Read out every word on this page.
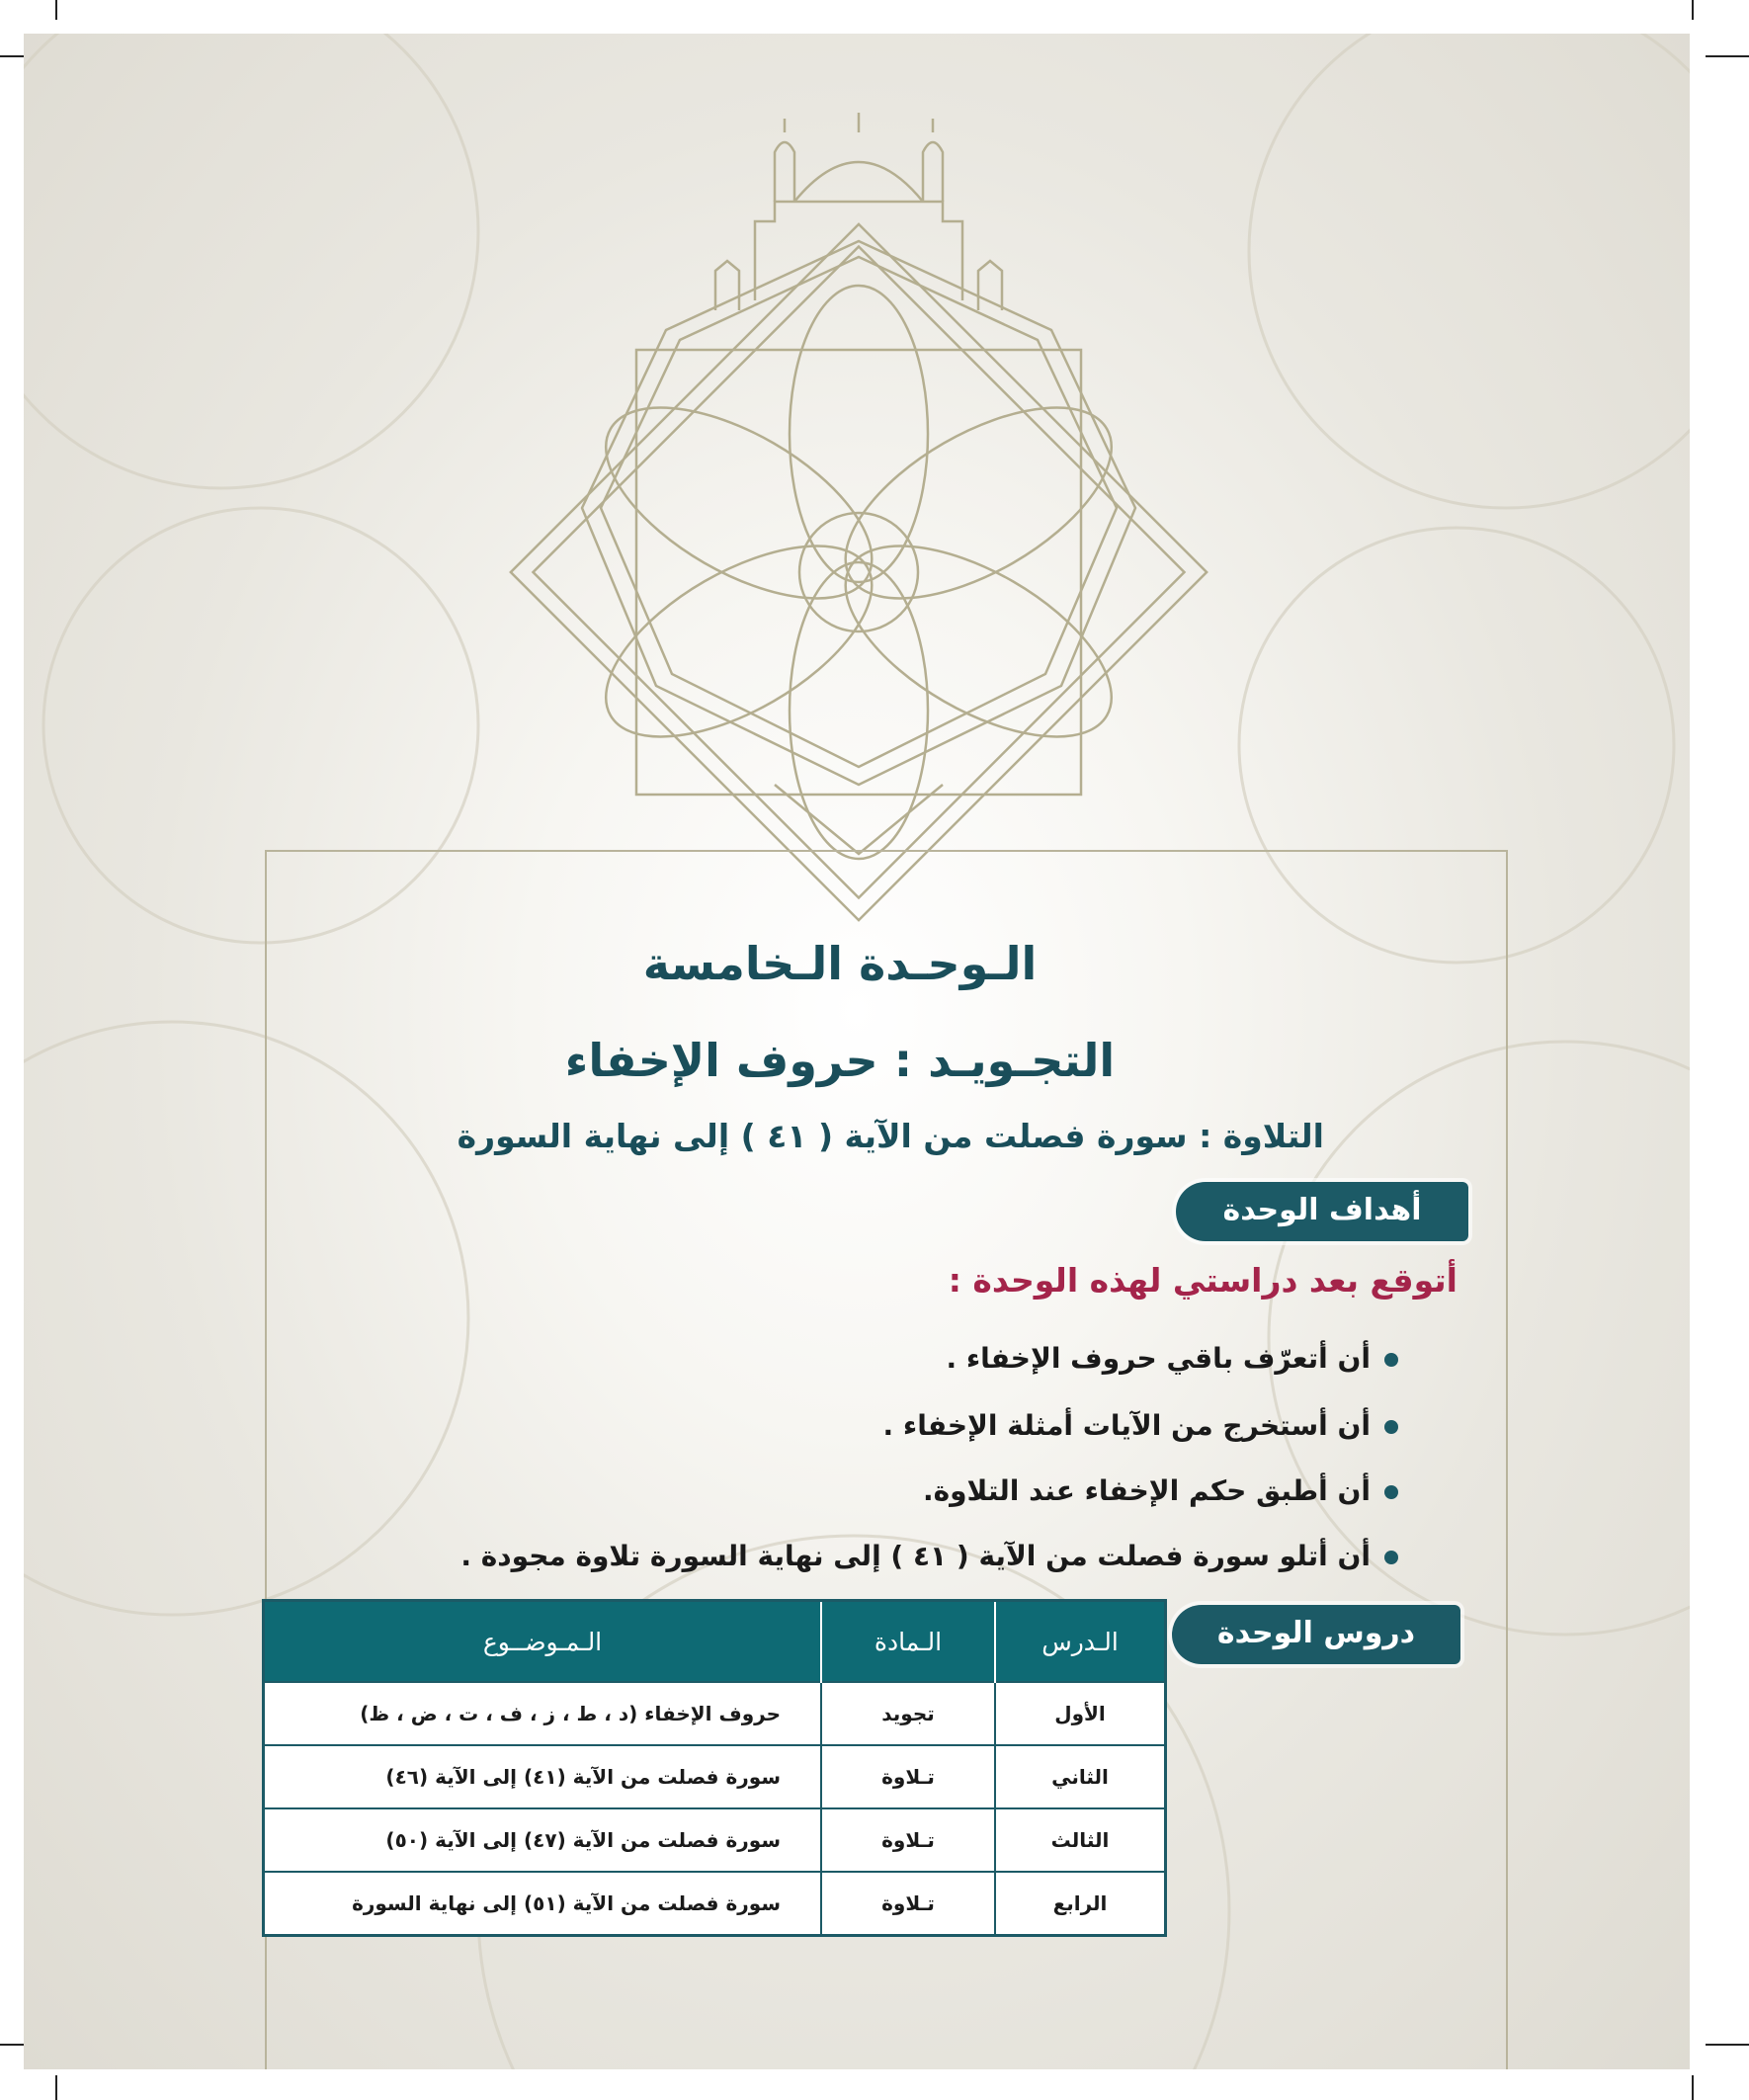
الـوحـدة الـخامسة
التجـويـد : حروف الإخفاء
التلاوة : سورة فصلت من الآية ( ٤١ ) إلى نهاية السورة
أهداف الوحدة
أتوقع بعد دراستي لهذه الوحدة :
أن أتعرّف باقي حروف الإخفاء .
أن أستخرج من الآيات أمثلة الإخفاء .
أن أطبق حكم الإخفاء عند التلاوة.
أن أتلو سورة فصلت من الآية ( ٤١ ) إلى نهاية السورة تلاوة مجودة .
دروس الوحدة
الـدرس	الـمادة	الـمـوضــوع
الأول	تجويد	حروف الإخفاء (د ، ط ، ز ، ف ، ت ، ض ، ظ)
الثاني	تـلاوة	سورة فصلت من الآية (٤١) إلى الآية (٤٦)
الثالث	تـلاوة	سورة فصلت من الآية (٤٧) إلى الآية (٥٠)
الرابع	تـلاوة	سورة فصلت من الآية (٥١) إلى نهاية السورة
